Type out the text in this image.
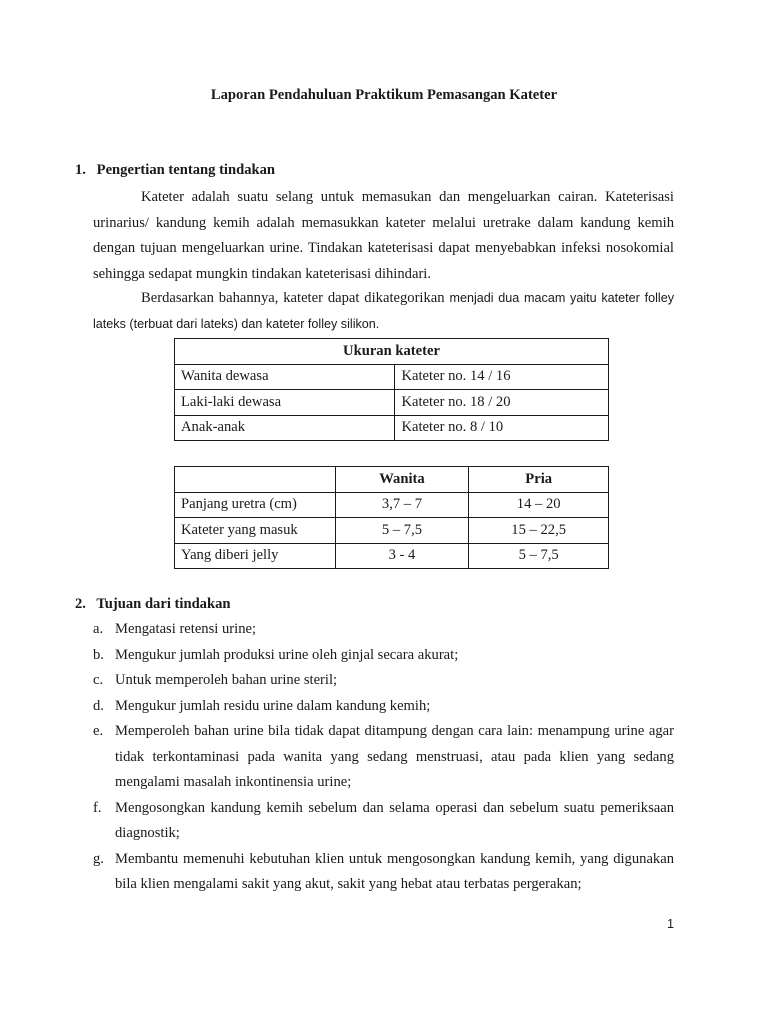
Laporan Pendahuluan Praktikum Pemasangan Kateter
1. Pengertian tentang tindakan
Kateter adalah suatu selang untuk memasukan dan mengeluarkan cairan. Kateterisasi urinarius/ kandung kemih adalah memasukkan kateter melalui uretrake dalam kandung kemih dengan tujuan mengeluarkan urine. Tindakan kateterisasi dapat menyebabkan infeksi nosokomial sehingga sedapat mungkin tindakan kateterisasi dihindari.
Berdasarkan bahannya, kateter dapat dikategorikan menjadi dua macam yaitu kateter folley lateks (terbuat dari lateks) dan kateter folley silikon.
Ukuran kateter	
Wanita dewasa	Kateter no. 14 / 16
Laki-laki dewasa	Kateter no. 18 / 20
Anak-anak	Kateter no. 8 / 10
	Wanita	Pria
Panjang uretra (cm)	3,7 – 7	14 – 20
Kateter yang masuk	5 – 7,5	15 – 22,5
Yang diberi jelly	3 - 4	5 – 7,5
2. Tujuan dari tindakan
a. Mengatasi retensi urine;
b. Mengukur jumlah produksi urine oleh ginjal secara akurat;
c. Untuk memperoleh bahan urine steril;
d. Mengukur jumlah residu urine dalam kandung kemih;
e. Memperoleh bahan urine bila tidak dapat ditampung dengan cara lain: menampung urine agar tidak terkontaminasi pada wanita yang sedang menstruasi, atau pada klien yang sedang mengalami masalah inkontinensia urine;
f. Mengosongkan kandung kemih sebelum dan selama operasi dan sebelum suatu pemeriksaan diagnostik;
g. Membantu memenuhi kebutuhan klien untuk mengosongkan kandung kemih, yang digunakan bila klien mengalami sakit yang akut, sakit yang hebat atau terbatas pergerakan;
1
